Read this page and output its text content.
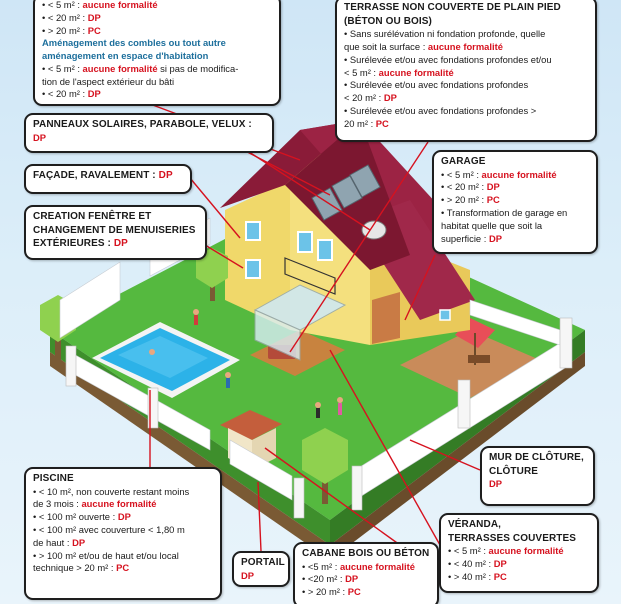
• < 5 m² : aucune formalité
• < 20 m² : DP
• > 20 m² : PC
Aménagement des combles ou tout autre
aménagement en espace d'habitation
• < 5 m² : aucune formalité si pas de modifica-
tion de l'aspect extérieur du bâti
• < 20 m² : DP
TERRASSE NON COUVERTE DE PLAIN PIED
(BÉTON OU BOIS)
• Sans surélévation ni fondation profonde, quelle
que soit la surface : aucune formalité
• Surélevée et/ou avec fondations profondes et/ou
< 5 m² : aucune formalité
• Surélevée et/ou avec fondations profondes
< 20 m² : DP
• Surélevée et/ou avec fondations profondes >
20 m² : PC
PANNEAUX SOLAIRES, PARABOLE, VELUX :
DP
FAÇADE, RAVALEMENT : DP
CREATION FENÊTRE ET
CHANGEMENT DE MENUISERIES
EXTÉRIEURES : DP
GARAGE
• < 5 m² : aucune formalité
• < 20 m² : DP
• > 20 m² : PC
• Transformation de garage en
habitat quelle que soit la
superficie : DP
MUR DE CLÔTURE,
CLÔTURE
DP
PISCINE
• < 10 m², non couverte restant moins
de 3 mois : aucune formalité
• < 100 m² ouverte : DP
• < 100 m² avec couverture < 1,80 m
de haut : DP
• > 100 m² et/ou de haut et/ou local
technique > 20 m² : PC	PORTAIL
DP
CABANE BOIS OU BÉTON
• <5 m² : aucune formalité
• <20 m² : DP
• > 20 m² : PC
VÉRANDA,
TERRASSES COUVERTES
• < 5 m² : aucune formalité
• < 40 m² : DP
• > 40 m² : PC
